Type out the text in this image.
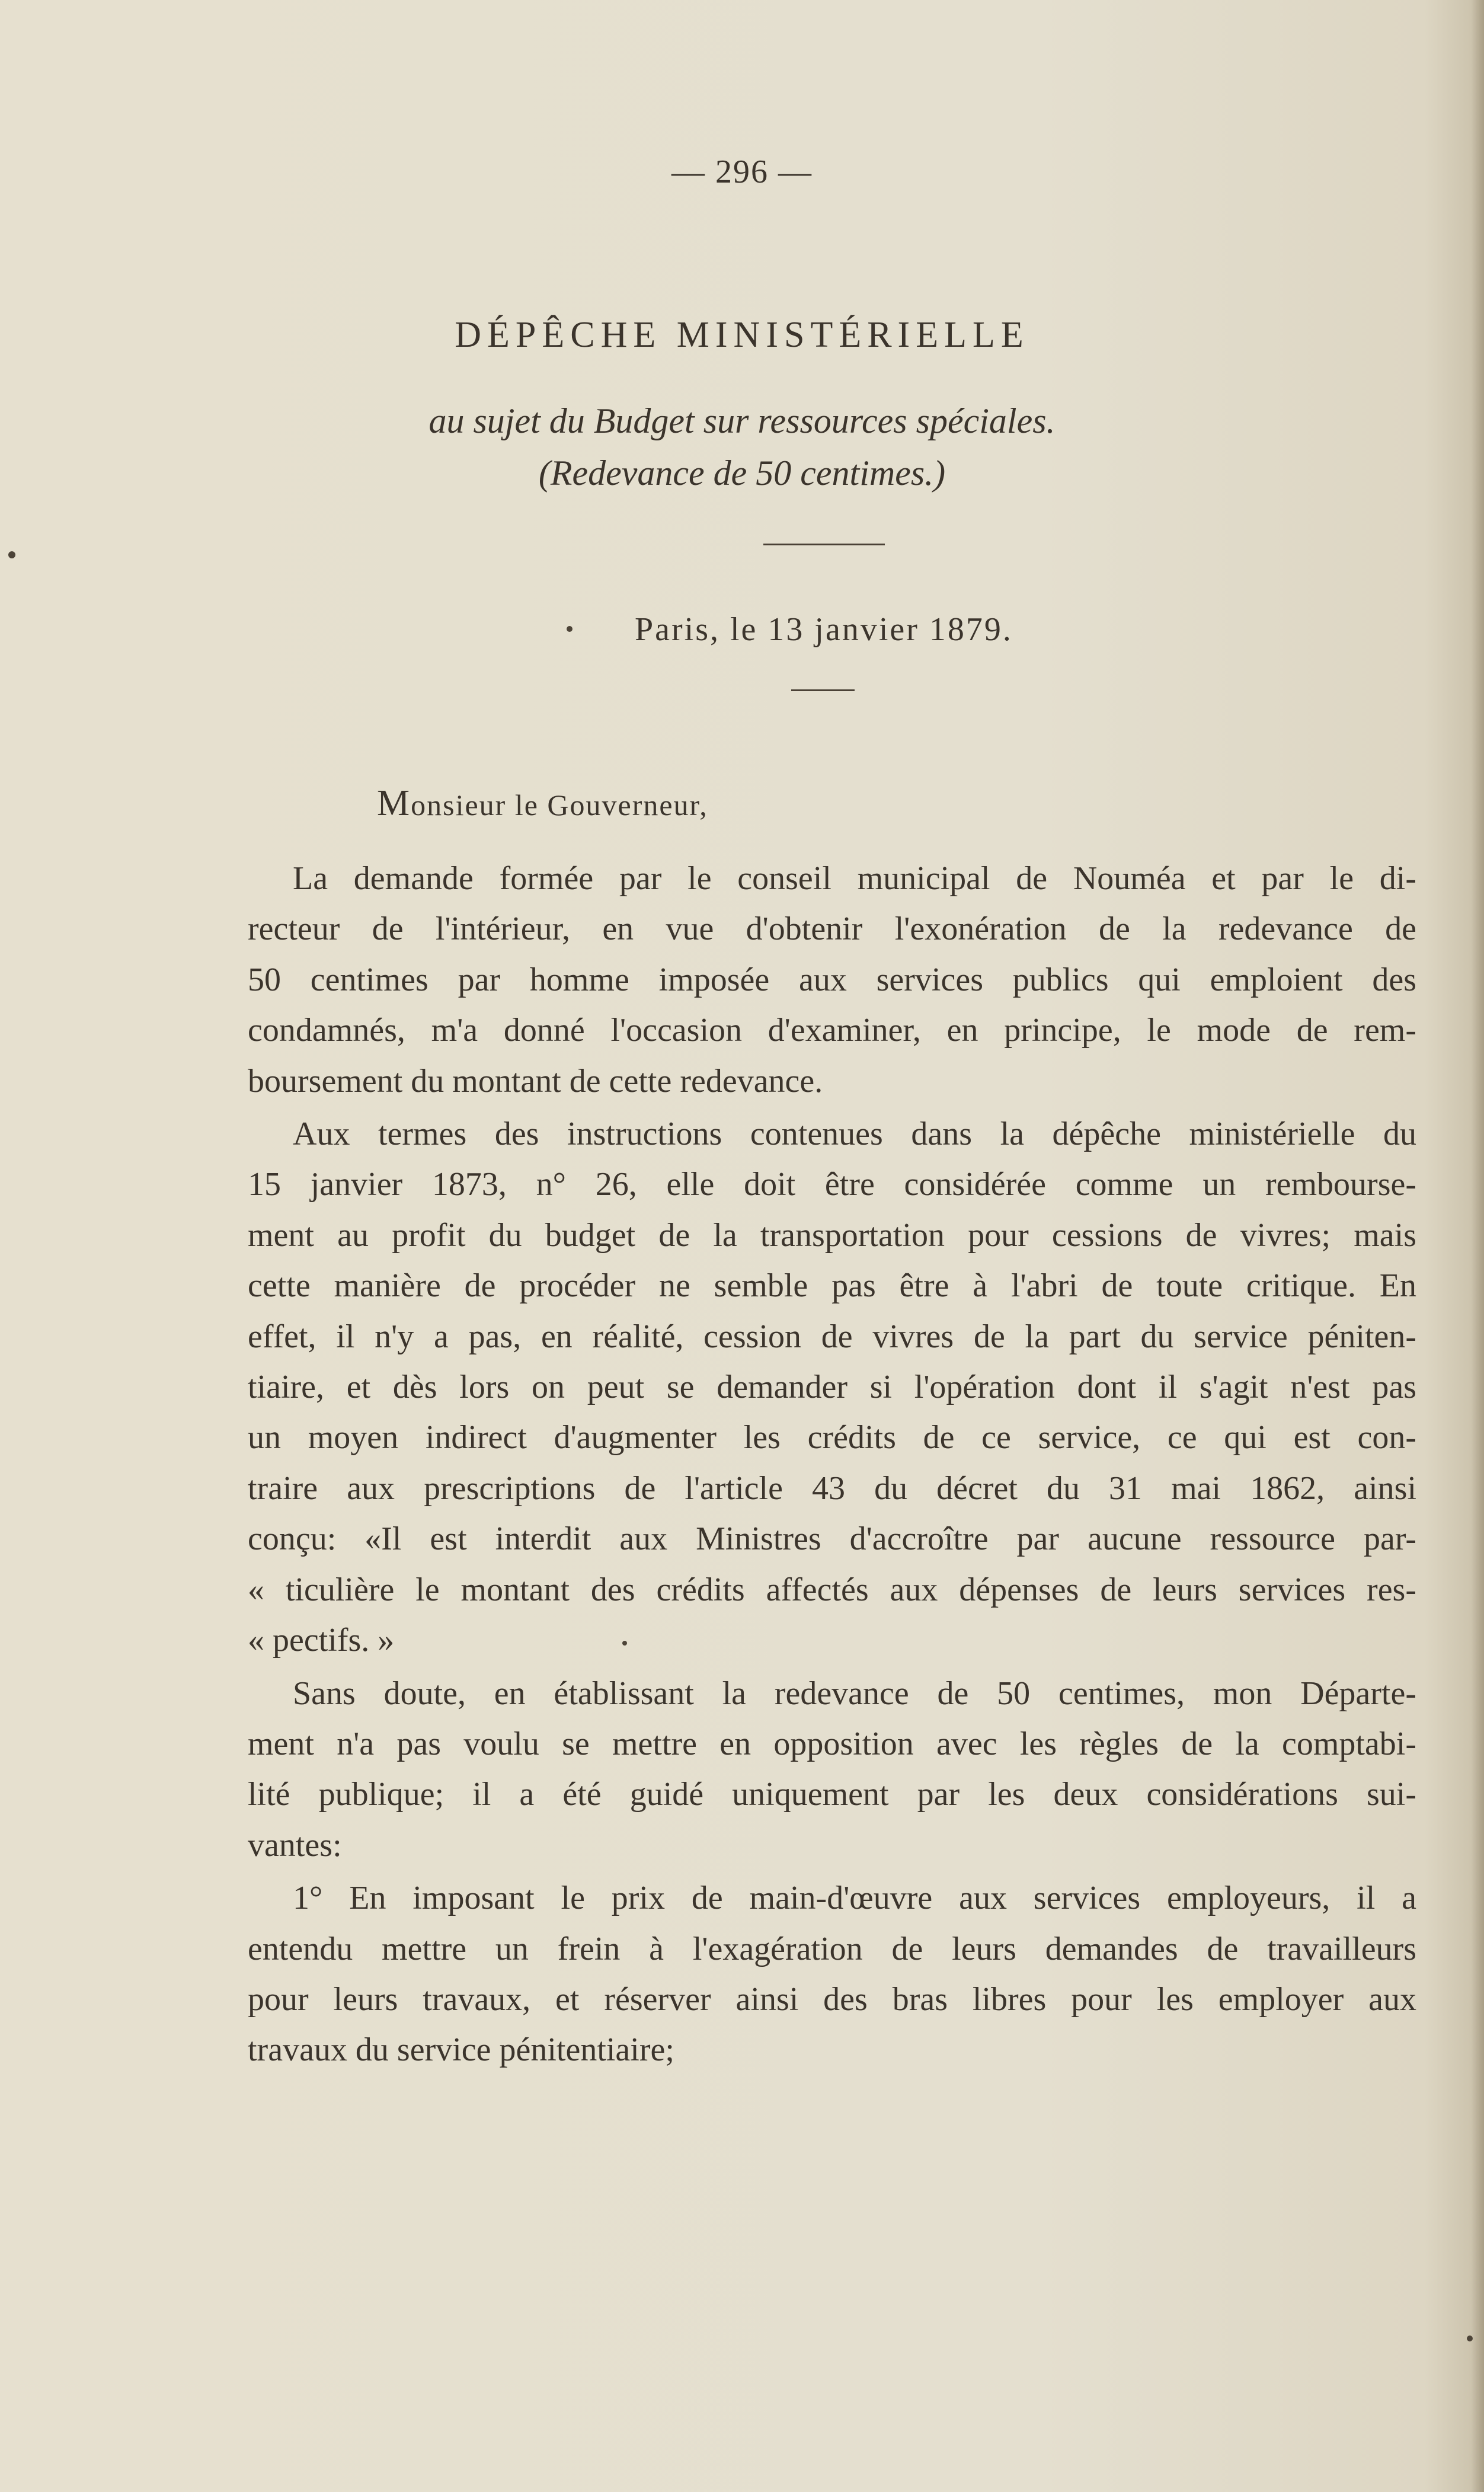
— 296 —
DÉPÊCHE MINISTÉRIELLE
au sujet du Budget sur ressources spéciales.
(Redevance de 50 centimes.)
Paris, le 13 janvier 1879.
Monsieur le Gouverneur,
La demande formée par le conseil municipal de Nouméa et par le di-
recteur de l'intérieur, en vue d'obtenir l'exonération de la redevance de
50 centimes par homme imposée aux services publics qui emploient des
condamnés, m'a donné l'occasion d'examiner, en principe, le mode de rem-
boursement du montant de cette redevance.
Aux termes des instructions contenues dans la dépêche ministérielle du
15 janvier 1873, n° 26, elle doit être considérée comme un rembourse-
ment au profit du budget de la transportation pour cessions de vivres; mais
cette manière de procéder ne semble pas être à l'abri de toute critique. En
effet, il n'y a pas, en réalité, cession de vivres de la part du service péniten-
tiaire, et dès lors on peut se demander si l'opération dont il s'agit n'est pas
un moyen indirect d'augmenter les crédits de ce service, ce qui est con-
traire aux prescriptions de l'article 43 du décret du 31 mai 1862, ainsi
conçu: «Il est interdit aux Ministres d'accroître par aucune ressource par-
« ticulière le montant des crédits affectés aux dépenses de leurs services res-
« pectifs. »
Sans doute, en établissant la redevance de 50 centimes, mon Départe-
ment n'a pas voulu se mettre en opposition avec les règles de la comptabi-
lité publique; il a été guidé uniquement par les deux considérations sui-
vantes:
1° En imposant le prix de main-d'œuvre aux services employeurs, il a
entendu mettre un frein à l'exagération de leurs demandes de travailleurs
pour leurs travaux, et réserver ainsi des bras libres pour les employer aux
travaux du service pénitentiaire;
